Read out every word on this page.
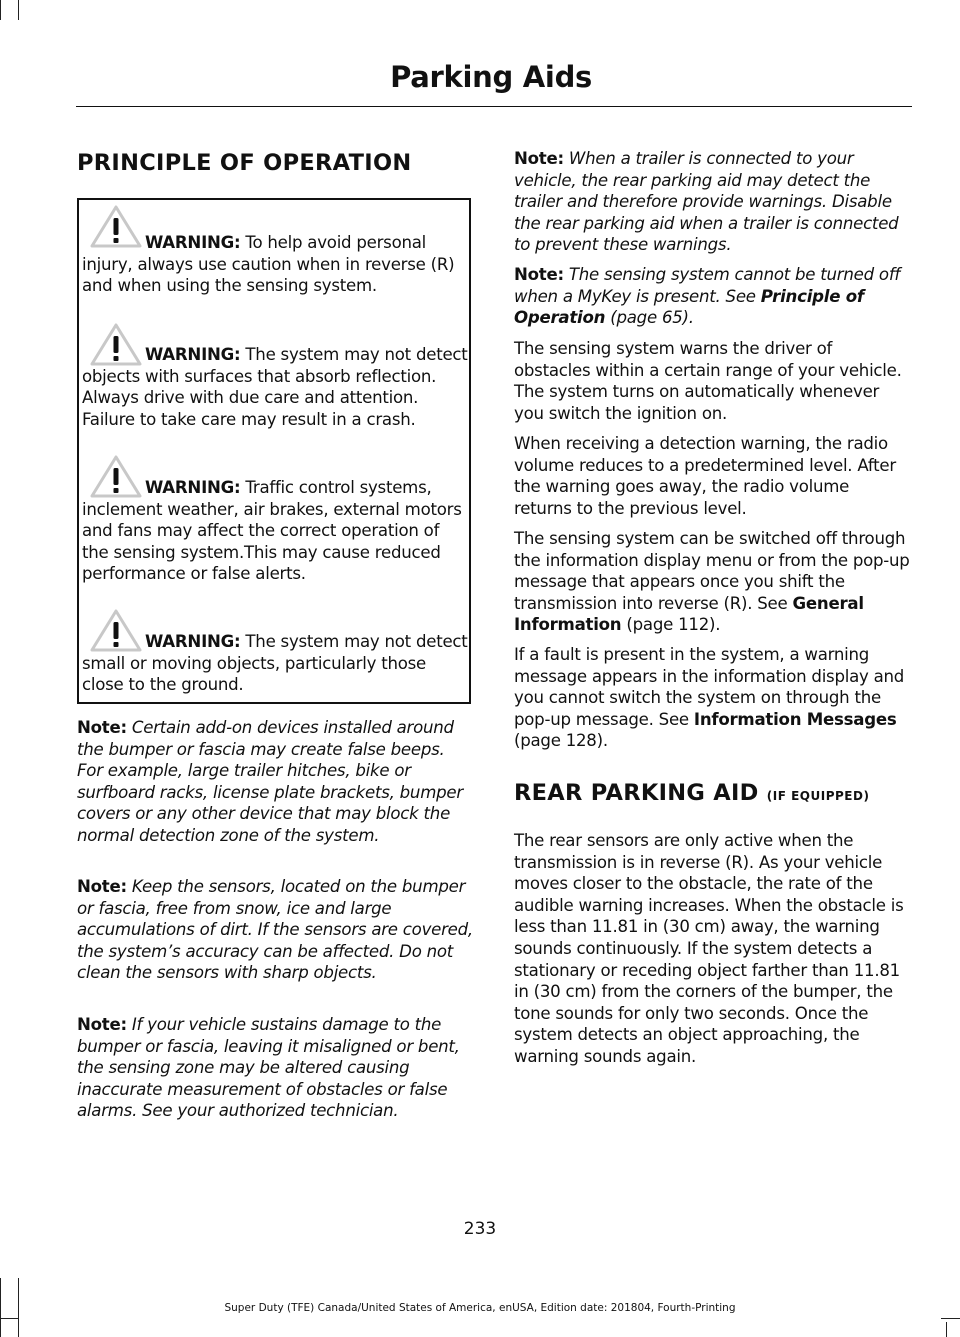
Parking Aids
PRINCIPLE OF OPERATION

WARNING: To help avoid personal injury, always use caution when in reverse (R) and when using the sensing system.

WARNING: The system may not detect objects with surfaces that absorb reflection. Always drive with due care and attention. Failure to take care may result in a crash.

WARNING: Traffic control systems, inclement weather, air brakes, external motors and fans may affect the correct operation of the sensing system.This may cause reduced performance or false alerts.

WARNING: The system may not detect small or moving objects, particularly those close to the ground.

Note: Certain add-on devices installed around the bumper or fascia may create false beeps. For example, large trailer hitches, bike or surfboard racks, license plate brackets, bumper covers or any other device that may block the normal detection zone of the system.

Note: Keep the sensors, located on the bumper or fascia, free from snow, ice and large accumulations of dirt. If the sensors are covered, the system’s accuracy can be affected. Do not clean the sensors with sharp objects.

Note: If your vehicle sustains damage to the bumper or fascia, leaving it misaligned or bent, the sensing zone may be altered causing inaccurate measurement of obstacles or false alarms. See your authorized technician.

Note: When a trailer is connected to your vehicle, the rear parking aid may detect the trailer and therefore provide warnings. Disable the rear parking aid when a trailer is connected to prevent these warnings.

Note: The sensing system cannot be turned off when a MyKey is present. See Principle of Operation (page 65).

The sensing system warns the driver of obstacles within a certain range of your vehicle. The system turns on automatically whenever you switch the ignition on.

When receiving a detection warning, the radio volume reduces to a predetermined level. After the warning goes away, the radio volume returns to the previous level.

The sensing system can be switched off through the information display menu or from the pop-up message that appears once you shift the transmission into reverse (R). See General Information (page 112).

If a fault is present in the system, a warning message appears in the information display and you cannot switch the system on through the pop-up message. See Information Messages (page 128).

REAR PARKING AID (IF EQUIPPED)

The rear sensors are only active when the transmission is in reverse (R). As your vehicle moves closer to the obstacle, the rate of the audible warning increases. When the obstacle is less than 11.81 in (30 cm) away, the warning sounds continuously. If the system detects a stationary or receding object farther than 11.81 in (30 cm) from the corners of the bumper, the tone sounds for only two seconds. Once the system detects an object approaching, the warning sounds again.

233
Super Duty (TFE) Canada/United States of America, enUSA, Edition date: 201804, Fourth-Printing
